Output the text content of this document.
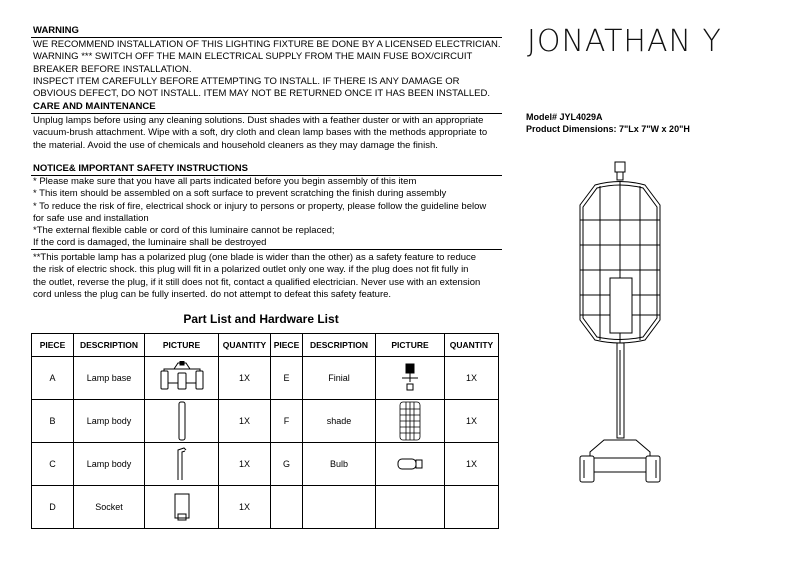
WARNING
WE RECOMMEND INSTALLATION OF THIS LIGHTING FIXTURE BE DONE BY A LICENSED ELECTRICIAN.
WARNING *** SWITCH OFF THE MAIN ELECTRICAL SUPPLY FROM THE MAIN FUSE BOX/CIRCUIT
BREAKER BEFORE INSTALLATION.
INSPECT ITEM CAREFULLY BEFORE ATTEMPTING TO INSTALL. IF THERE IS ANY DAMAGE OR
OBVIOUS DEFECT, DO NOT INSTALL. ITEM MAY NOT BE RETURNED ONCE IT HAS BEEN INSTALLED.
CARE AND MAINTENANCE
Unplug lamps before using any cleaning solutions. Dust shades with a feather duster or with an appropriate
vacuum-brush attachment. Wipe with a soft, dry cloth and clean lamp bases with the methods appropriate to
the material. Avoid the use of chemicals and household cleaners as they may damage the finish.
NOTICE& IMPORTANT SAFETY INSTRUCTIONS
* Please make sure that you have all parts indicated before you begin assembly of this item
* This item should be assembled on a soft surface to prevent scratching the finish during assembly
* To reduce the risk of fire, electrical shock or injury to persons or property, please follow the guideline below
for safe use and installation
*The external flexible cable or cord of this luminaire cannot be replaced;
If the cord is damaged, the luminaire shall be destroyed
**This portable lamp has a polarized plug (one blade is wider than the other) as a safety feature to reduce
the risk of electric shock. this plug will fit in a polarized outlet only one way. if the plug does not fit fully in
the outlet, reverse the plug, if it still does not fit, contact a qualified electrician. Never use with an extension
cord unless the plug can be fully inserted. do not attempt to defeat this safety feature.
JONATHAN Y
Model# JYL4029A
Product Dimensions: 7"Lx 7"W x 20"H
Part List and Hardware List
PIECE	DESCRIPTION	PICTURE	QUANTITY	PIECE	DESCRIPTION	PICTURE	QUANTITY
A	Lamp base		1X	E	Finial		1X
B	Lamp body		1X	F	shade		1X
C	Lamp body		1X	G	Bulb		1X
D	Socket		1X				
